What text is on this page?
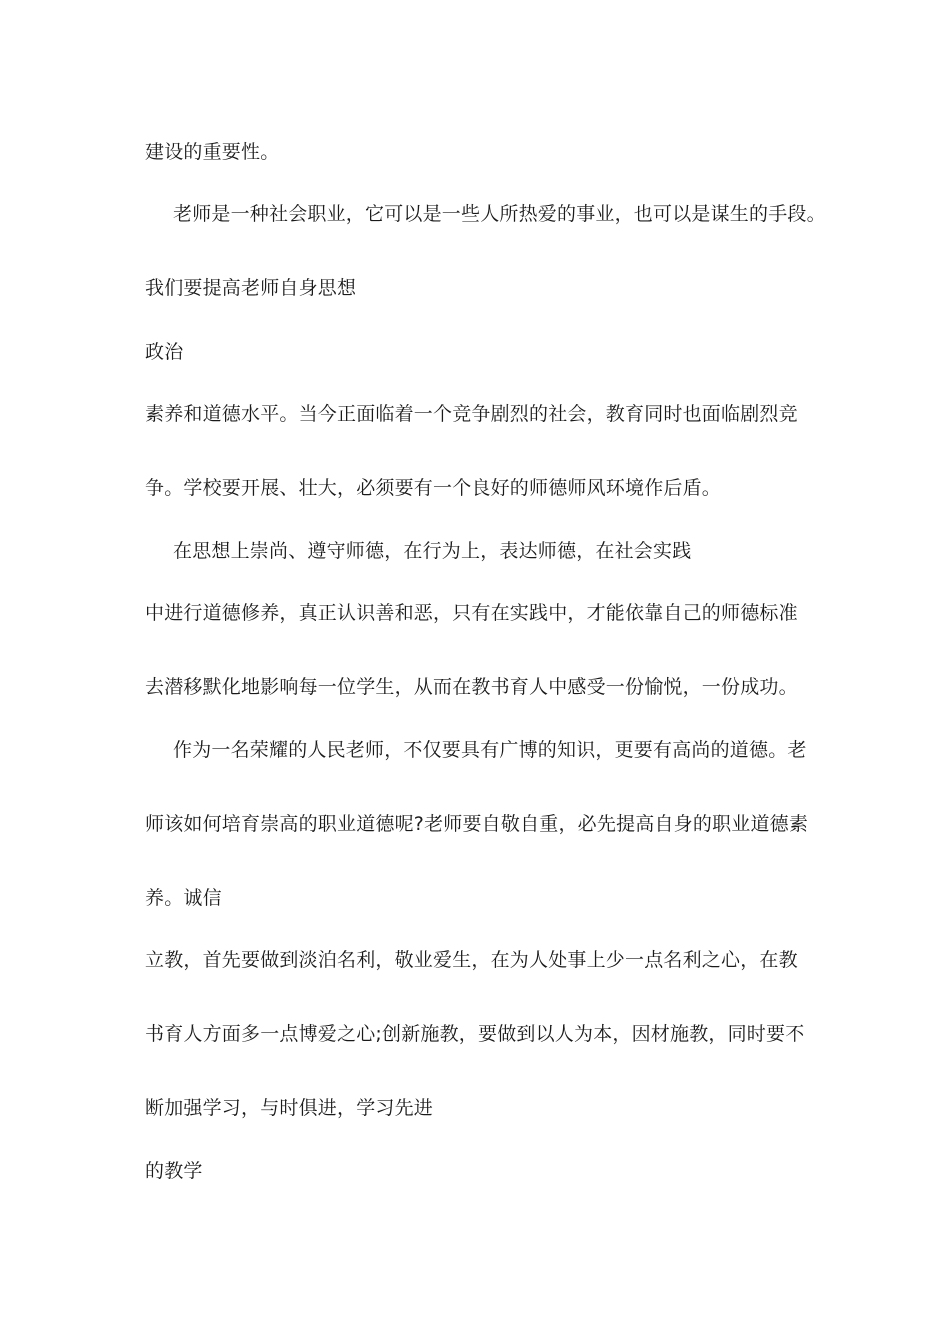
建设的重要性。
老师是一种社会职业，它可以是一些人所热爱的事业，也可以是谋生的手段。
我们要提高老师自身思想
政治
素养和道德水平。当今正面临着一个竞争剧烈的社会，教育同时也面临剧烈竞
争。学校要开展、壮大，必须要有一个良好的师德师风环境作后盾。
在思想上崇尚、遵守师德，在行为上，表达师德，在社会实践
中进行道德修养，真正认识善和恶，只有在实践中，才能依靠自己的师德标准
去潜移默化地影响每一位学生，从而在教书育人中感受一份愉悦，一份成功。
作为一名荣耀的人民老师，不仅要具有广博的知识，更要有高尚的道德。老
师该如何培育崇高的职业道德呢?老师要自敬自重，必先提高自身的职业道德素
养。诚信
立教，首先要做到淡泊名利，敬业爱生，在为人处事上少一点名利之心，在教
书育人方面多一点博爱之心;创新施教，要做到以人为本，因材施教，同时要不
断加强学习，与时俱进，学习先进
的教学
